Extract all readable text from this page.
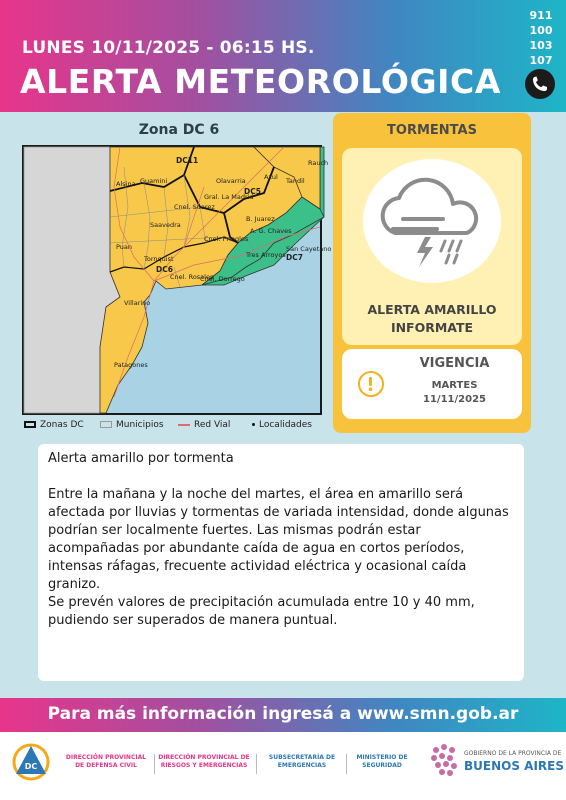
LUNES 10/11/2025 - 06:15 HS.
ALERTA METEOROLÓGICA
911
100
103
107
Zona DC 6
DC11
DC5
DC6
DC7
Guamini
Alsina	Olavarria	Azul
Rauch
Gral. La Madrid
Cnel. Suarez
Saavedra
Tandil
Puan
B. Juarez
A. G. Chaves
Cnel. Pringles
Tornquist
San Cayetano
Tres Arroyos
Cnel. Rosales
Cnel. Dorrego
Villarino
Patagones
Zonas DC	Municipios	Red Vial	Localidades
TORMENTAS
ALERTA AMARILLO
INFORMATE
VIGENCIA
MARTES
11/11/2025
Alerta amarillo por tormenta

Entre la mañana y la noche del martes, el área en amarillo será afectada por lluvias y tormentas de variada intensidad, donde algunas podrían ser localmente fuertes. Las mismas podrán estar acompañadas por abundante caída de agua en cortos períodos, intensas ráfagas, frecuente actividad eléctrica y ocasional caída granizo.

Se prevén valores de precipitación acumulada entre 10 y 40 mm, pudiendo ser superados de manera puntual.

Para más información ingresá a www.smn.gob.ar
DC
DIRECCIÓN PROVINCIAL
DE DEFENSA CIVIL
DIRECCIÓN PROVINCIAL DE
RIESGOS Y EMERGENCIAS
SUBSECRETARÍA DE
EMERGENCIAS
MINISTERIO DE
SEGURIDAD
GOBIERNO DE LA PROVINCIA DE
BUENOS AIRES
